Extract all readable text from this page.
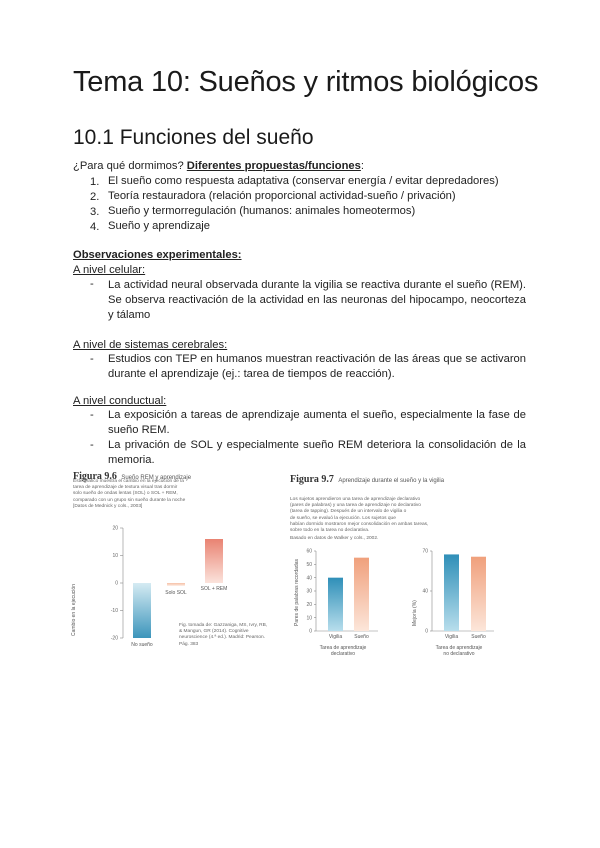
Tema 10: Sueños y ritmos biológicos
10.1 Funciones del sueño
¿Para qué dormimos? Diferentes propuestas/funciones:
1. El sueño como respuesta adaptativa (conservar energía / evitar depredadores)
2. Teoría restauradora (relación proporcional actividad-sueño / privación)
3. Sueño y termorregulación (humanos: animales homeotermos)
4. Sueño y aprendizaje
Observaciones experimentales:
A nivel celular:
- La actividad neural observada durante la vigilia se reactiva durante el sueño (REM). Se observa reactivación de la actividad en las neuronas del hipocampo, neocorteza y tálamo
A nivel de sistemas cerebrales:
- Estudios con TEP en humanos muestran reactivación de las áreas que se activaron durante el aprendizaje (ej.: tarea de tiempos de reacción).
A nivel conductual:
- La exposición a tareas de aprendizaje aumenta el sueño, especialmente la fase de sueño REM.
- La privación de SOL y especialmente sueño REM deteriora la consolidación de la memoria.
Figura 9.6 Sueño REM y aprendizaje
Este gráfico muestra el cambio en la ejecución de la
tarea de aprendizaje de textura visual tras dormir
solo sueño de ondas lentas (SOL) o SOL + REM,
comparado con un grupo sin sueño durante la noche
[Datos de Mednick y cols., 2003]
20
10
0
-10
-20
No sueño
Solo SOL
SOL + REM
Cambio en la ejecución	Fig. tomada de: Gazzaniga, MS, Ivry, RB,
& Mangun, GR (2014). Cognitive
neuroscience (4.ª ed.). Madrid: Pearson.
Pág. 383
Figura 9.7 Aprendizaje durante el sueño y la vigilia
Los sujetos aprendieron una tarea de aprendizaje declarativo
(pares de palabras) y una tarea de aprendizaje no declarativo
(tarea de tapping). Después de un intervalo de vigilia o
de sueño, se evaluó la ejecución. Los sujetos que
habían dormido mostraron mejor consolidación en ambas tareas,
sobre todo en la tarea no declarativa.
Basado en datos de Walker y cols., 2002.
60
50
40
30
20
10
0
Vigilia Sueño
70
40
0
Vigilia	Sueño
Pares de palabras recordadas	Mejoría (%)
Tarea de aprendizaje
declarativo
Tarea de aprendizaje
no declarativo
